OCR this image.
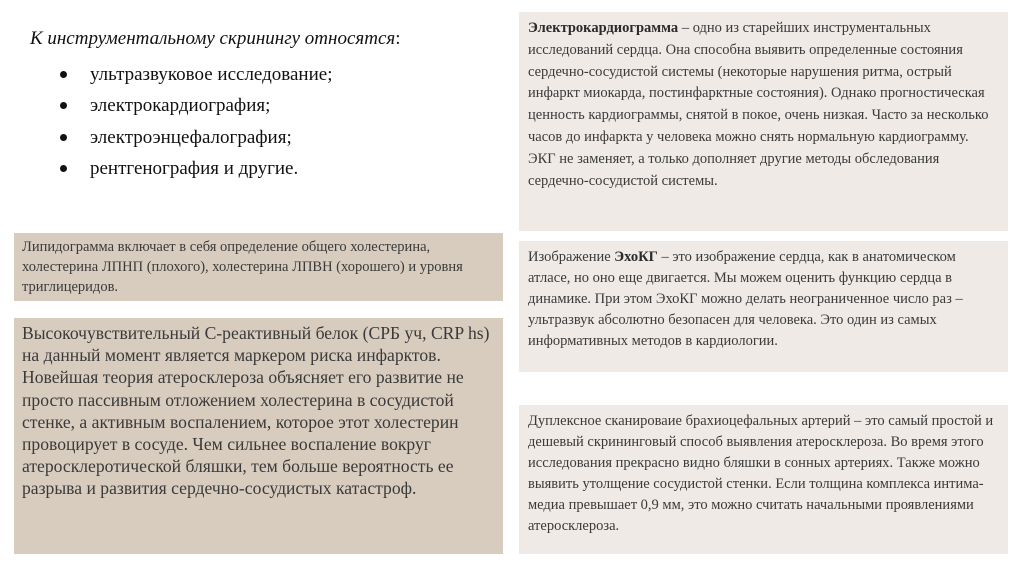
К инструментальному скринингу относятся:

ультразвуковое исследование;
электрокардиография;
электроэнцефалография;
рентгенография и другие.
Липидограмма включает в себя определение общего холестерина, холестерина ЛПНП (плохого), холестерина ЛПВН (хорошего) и уровня триглицеридов.
Высокочувствительный С-реактивный белок (СРБ уч, CRP hs) на данный момент является маркером риска инфарктов. Новейшая теория атеросклероза объясняет его развитие не просто пассивным отложением холестерина в сосудистой стенке, а активным воспалением, которое этот холестерин провоцирует в сосуде. Чем сильнее воспаление вокруг атеросклеротической бляшки, тем больше вероятность ее разрыва и развития сердечно-сосудистых катастроф.
Электрокардиограмма – одно из старейших инструментальных исследований сердца. Она способна выявить определенные состояния сердечно-сосудистой системы (некоторые нарушения ритма, острый инфаркт миокарда, постинфарктные состояния). Однако прогностическая ценность кардиограммы, снятой в покое, очень низкая. Часто за несколько часов до инфаркта у человека можно снять нормальную кардиограмму. ЭКГ не заменяет, а только дополняет другие методы обследования сердечно-сосудистой системы.
Изображение ЭхоКГ – это изображение сердца, как в анатомическом атласе, но оно еще двигается. Мы можем оценить функцию сердца в динамике. При этом ЭхоКГ можно делать неограниченное число раз – ультразвук абсолютно безопасен для человека. Это один из самых информативных методов в кардиологии.
Дуплексное сканироваие брахиоцефальных артерий – это самый простой и дешевый скрининговый способ выявления атеросклероза. Во время этого исследования прекрасно видно бляшки в сонных артериях. Также можно выявить утолщение сосудистой стенки. Если толщина комплекса интима-медиа превышает 0,9 мм, это можно считать начальными проявлениями атеросклероза.
